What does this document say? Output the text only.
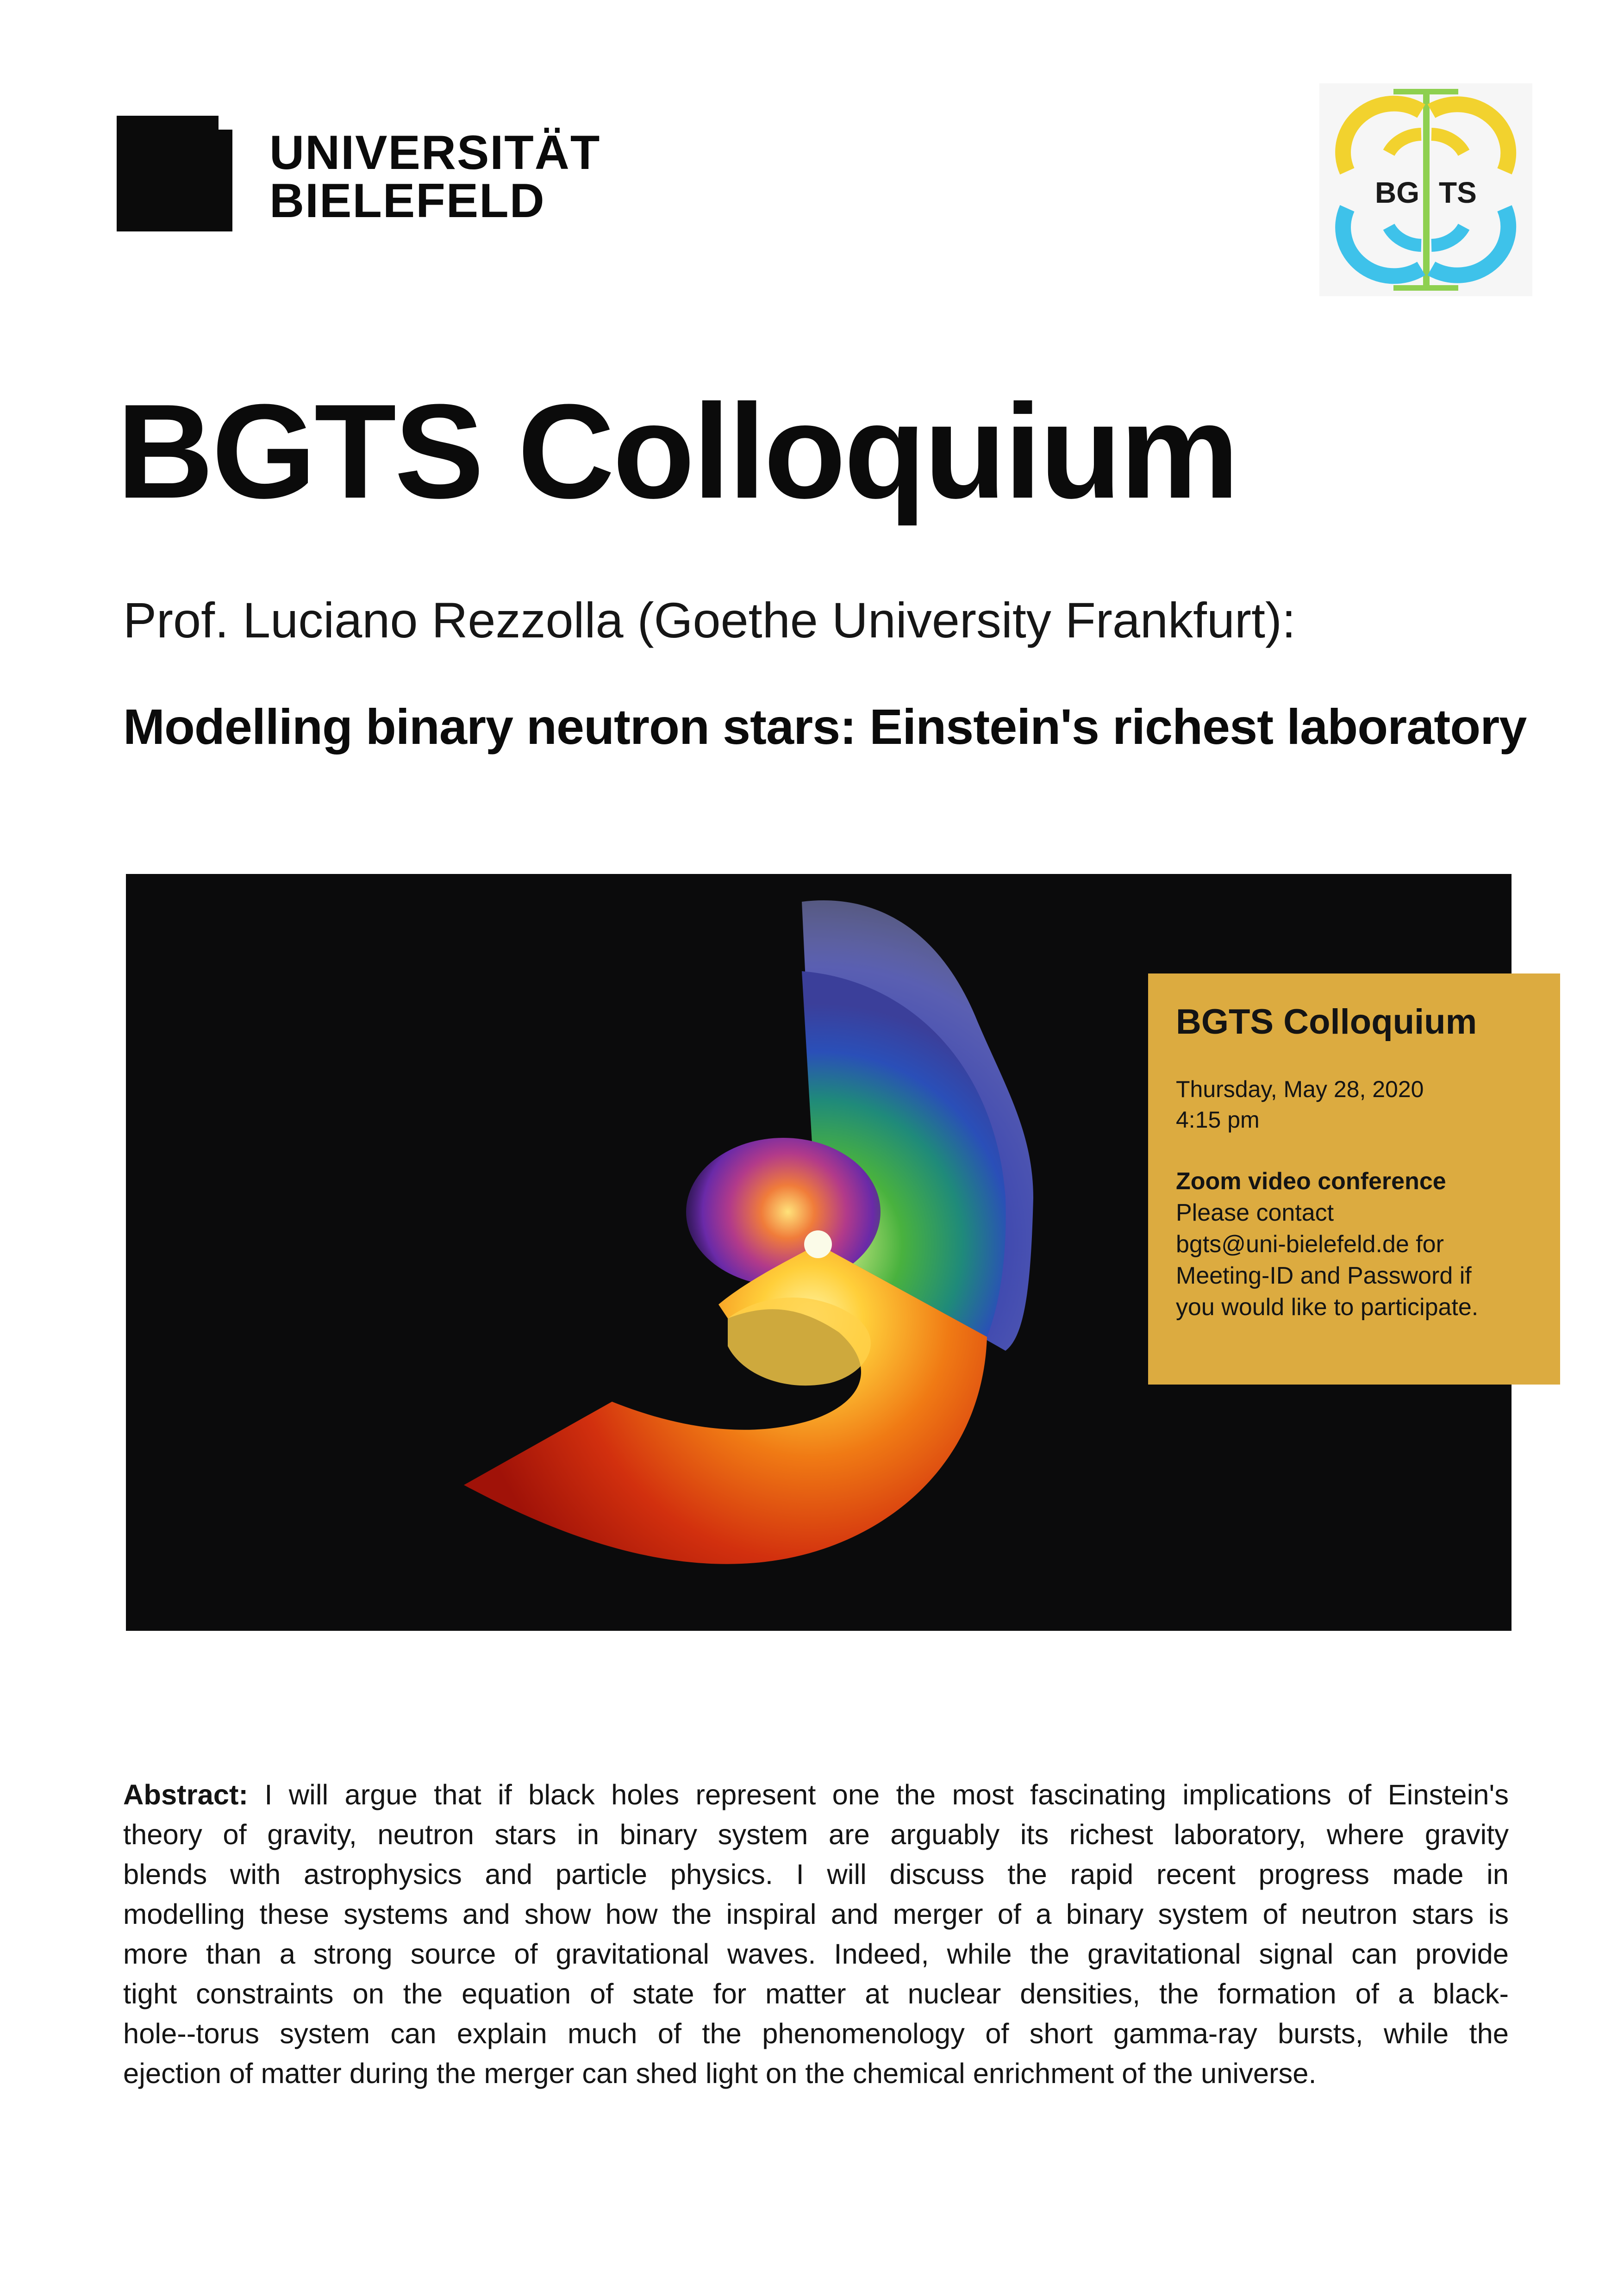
UNIVERSITÄT
BIELEFELD	BG TS
BGTS Colloquium
Prof. Luciano Rezzolla (Goethe University Frankfurt):
Modelling binary neutron stars: Einstein's richest laboratory
BGTS Colloquium
Thursday, May 28, 2020
4:15 pm
Zoom video conference
Please contact
bgts@uni-bielefeld.de for
Meeting-ID and Password if
you would like to participate.
Abstract: I will argue that if black holes represent one the most fascinating implications of Einstein's
theory of gravity, neutron stars in binary system are arguably its richest laboratory, where gravity
blends with astrophysics and particle physics. I will discuss the rapid recent progress made in
modelling these systems and show how the inspiral and merger of a binary system of neutron stars is
more than a strong source of gravitational waves. Indeed, while the gravitational signal can provide
tight constraints on the equation of state for matter at nuclear densities, the formation of a black-
hole--torus system can explain much of the phenomenology of short gamma-ray bursts, while the
ejection of matter during the merger can shed light on the chemical enrichment of the universe.
